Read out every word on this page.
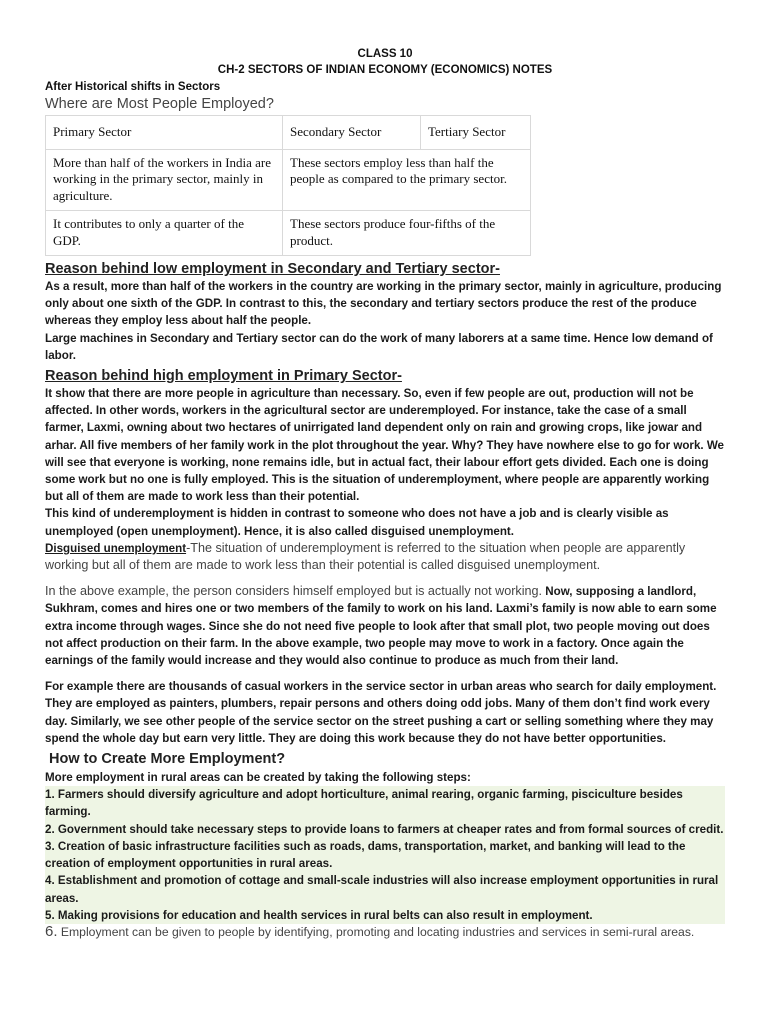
CLASS 10
CH-2 SECTORS OF INDIAN ECONOMY (ECONOMICS) NOTES
After Historical shifts in Sectors
Where are Most People Employed?
Primary Sector	Secondary Sector	Tertiary Sector
More than half of the workers in India are working in the primary sector, mainly in agriculture.	These sectors employ less than half the people as compared to the primary sector.	
It contributes to only a quarter of the GDP.	These sectors produce four-fifths of the product.	
Reason behind low employment in Secondary and Tertiary sector-
As a result, more than half of the workers in the country are working in the primary sector, mainly in agriculture, producing only about one sixth of the GDP. In contrast to this, the secondary and tertiary sectors produce the rest of the produce whereas they employ less about half the people.
Large machines in Secondary and Tertiary sector can do the work of many laborers at a same time. Hence low demand of labor.
Reason behind high employment in Primary Sector-
It show that there are more people in agriculture than necessary. So, even if few people are out, production will not be affected. In other words, workers in the agricultural sector are underemployed. For instance, take the case of a small farmer, Laxmi, owning about two hectares of unirrigated land dependent only on rain and growing crops, like jowar and arhar. All five members of her family work in the plot throughout the year. Why? They have nowhere else to go for work. We will see that everyone is working, none remains idle, but in actual fact, their labour effort gets divided. Each one is doing some work but no one is fully employed. This is the situation of underemployment, where people are apparently working but all of them are made to work less than their potential.
This kind of underemployment is hidden in contrast to someone who does not have a job and is clearly visible as unemployed (open unemployment). Hence, it is also called disguised unemployment.
Disguised unemployment-The situation of underemployment is referred to the situation when people are apparently working but all of them are made to work less than their potential is called disguised unemployment.
In the above example, the person considers himself employed but is actually not working. Now, supposing a landlord, Sukhram, comes and hires one or two members of the family to work on his land. Laxmi’s family is now able to earn some extra income through wages. Since she do not need five people to look after that small plot, two people moving out does not affect production on their farm. In the above example, two people may move to work in a factory. Once again the earnings of the family would increase and they would also continue to produce as much from their land.
For example there are thousands of casual workers in the service sector in urban areas who search for daily employment. They are employed as painters, plumbers, repair persons and others doing odd jobs. Many of them don’t find work every day. Similarly, we see other people of the service sector on the street pushing a cart or selling something where they may spend the whole day but earn very little. They are doing this work because they do not have better opportunities.
How to Create More Employment?
More employment in rural areas can be created by taking the following steps:
1. Farmers should diversify agriculture and adopt horticulture, animal rearing, organic farming, pisciculture besides farming.
2. Government should take necessary steps to provide loans to farmers at cheaper rates and from formal sources of credit.
3. Creation of basic infrastructure facilities such as roads, dams, transportation, market, and banking will lead to the creation of employment opportunities in rural areas.
4. Establishment and promotion of cottage and small-scale industries will also increase employment opportunities in rural areas.
5. Making provisions for education and health services in rural belts can also result in employment.
6. Employment can be given to people by identifying, promoting and locating industries and services in semi-rural areas.
